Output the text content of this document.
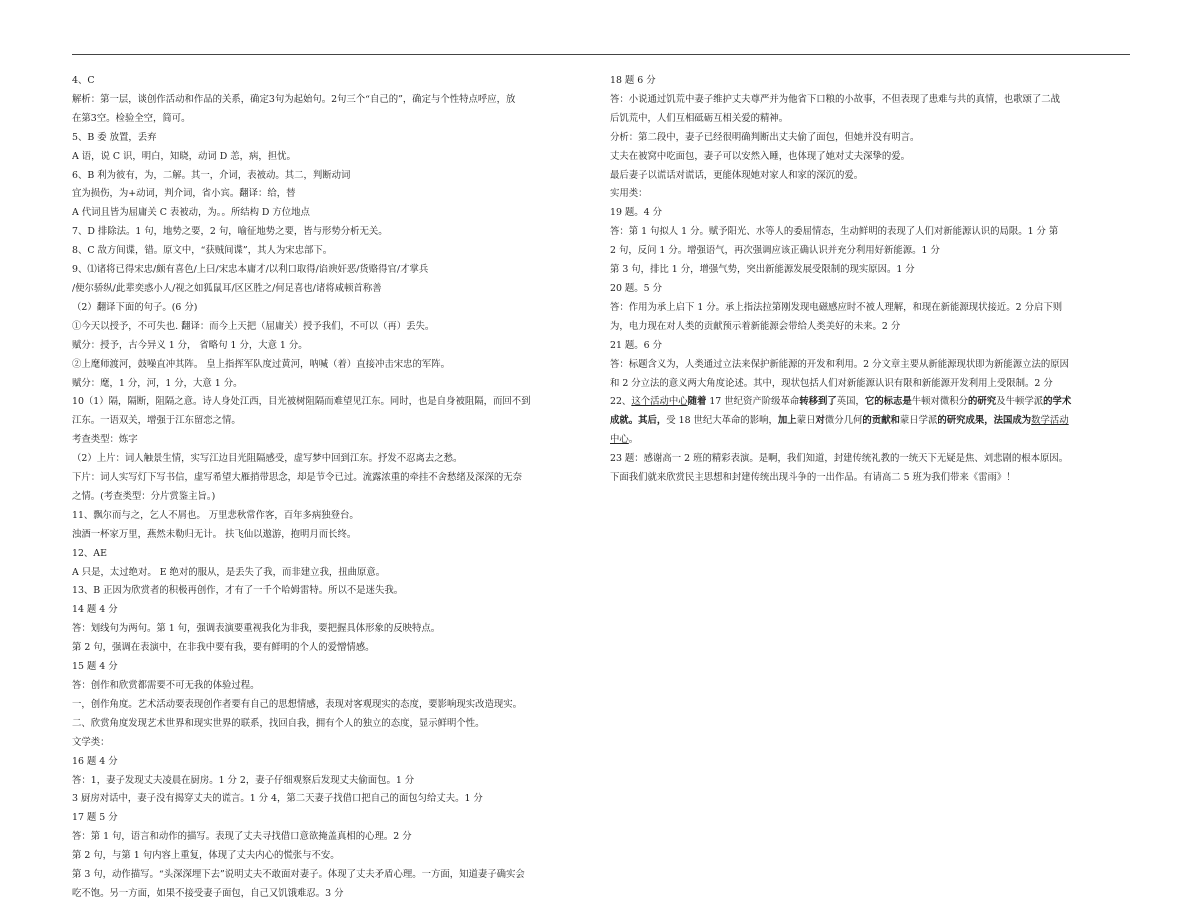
4、C

解析：第一层，谈创作活动和作品的关系，确定3句为起始句。2句三个“自己的”，确定与个性特点呼应，放

在第3空。检验全空，简可。

5、B 委 放置，丢弃

A 语，说 C 识，明白，知晓，动词 D 恙，病，担忧。

6、B 利为彼有，为，二解。其一，介词，表被动。其二，判断动词

宜为损伤，为+动词，判介词，省小宾。翻译：给，替

A 代词且皆为屈庸关 C 表被动，为。。所结构 D 方位地点

7、D 排除法。1 句，地势之要，2 句，喻征地势之要，皆与形势分析无关。

8、C 敌方间谍，错。原文中，“获贼间谍”，其人为宋忠部下。

9、⑴诸将已得宋忠/颇有喜色/上曰/宋忠本庸才/以利口取得/谄谀奸恶/货赂得官/才掌兵

/便尔骄纵/此辈奕惑小人/视之如狐鼠耳/区区胜之/何足喜也/诸将咸顿首称善

（2）翻译下面的句子。(6 分)

①今天以授予，不可失也. 翻译：而今上天把（屈庸关）授予我们，不可以（再）丢失。

赋分：授予，古今异义 1 分， 省略句 1 分，大意 1 分。

②上麾师渡河，鼓噪直冲其阵。 皇上指挥军队度过黄河，呐喊（着）直接冲击宋忠的军阵。

赋分：麾，1 分，河，1 分，大意 1 分。

10（1）隔，隔断，阻隔之意。诗人身处江西，目光被树阻隔而难望见江东。同时，也是自身被阻隔，而回不到

江东。一语双关，增强于江东留恋之情。

考查类型：炼字

（2）上片：词人触景生情，实写江边目光阻隔感受，虚写梦中回到江东。抒发不忍离去之愁。

下片：词人实写灯下写书信，虚写希望大雁捎带思念，却是节令已过。流露浓重的牵挂不舍愁绪及深深的无奈

之情。(考查类型：分片赏鉴主旨。)

11、飘尔而与之，乞人不屑也。 万里悲秋常作客，百年多病独登台。

浊酒一杯家万里，燕然未勒归无计。 扶飞仙以遨游，抱明月而长终。

12、AE

A 只是，太过绝对。 E 绝对的服从，是丢失了我，而非建立我，扭曲原意。

13、B 正因为欣赏者的积极再创作，才有了一千个哈姆雷特。所以不是迷失我。

14 题 4 分

答：划线句为两句。第 1 句，强调表演要重视我化为非我，要把握具体形象的反映特点。

第 2 句，强调在表演中，在非我中要有我，要有鲜明的个人的爱憎情感。

15 题 4 分

答：创作和欣赏都需要不可无我的体验过程。

一，创作角度。艺术活动要表现创作者要有自己的思想情感，表现对客观现实的态度，要影响现实改造现实。

二、欣赏角度发现艺术世界和现实世界的联系，找回自我，拥有个人的独立的态度，显示鲜明个性。

文学类：

16 题 4 分

答：1，妻子发现丈夫凌晨在厨房。1 分 2，妻子仔细观察后发现丈夫偷面包。1 分

3 厨房对话中，妻子没有揭穿丈夫的谎言。1 分 4，第二天妻子找借口把自己的面包匀给丈夫。1 分

17 题 5 分

答：第 1 句，语言和动作的描写。表现了丈夫寻找借口意欲掩盖真相的心理。2 分

第 2 句，与第 1 句内容上重复，体现了丈夫内心的慌张与不安。

第 3 句，动作描写。“头深深埋下去”说明丈夫不敢面对妻子。体现了丈夫矛盾心理。一方面，知道妻子确实会

吃不饱。另一方面，如果不接受妻子面包，自己又饥饿难忍。3 分

18 题 6 分

答：小说通过饥荒中妻子维护丈夫尊严并为他省下口粮的小故事，不但表现了患难与共的真情，也歌颂了二战

后饥荒中，人们互相砥砺互相关爱的精神。

分析：第二段中，妻子已经很明确判断出丈夫偷了面包，但她并没有明言。

丈夫在被窝中吃面包，妻子可以安然入睡，也体现了她对丈夫深挚的爱。

最后妻子以谎话对谎话，更能体现她对家人和家的深沉的爱。

实用类：

19 题。4 分

答：第 1 句拟人 1 分。赋予阳光、水等人的委屈情态，生动鲜明的表现了人们对新能源认识的局限。1 分 第

2 句，反问 1 分。增强语气，再次强调应该正确认识并充分利用好新能源。1 分

第 3 句，排比 1 分，增强气势，突出新能源发展受限制的现实原因。1 分

20 题。5 分

答：作用为承上启下 1 分。承上指法拉第刚发现电磁感应时不被人理解，和现在新能源现状接近。2 分启下则

为，电力现在对人类的贡献预示着新能源会带给人类美好的未来。2 分

21 题。6 分

答：标题含义为，人类通过立法来保护新能源的开发和利用。2 分文章主要从新能源现状即为新能源立法的原因

和 2 分立法的意义两大角度论述。其中，现状包括人们对新能源认识有限和新能源开发利用上受限制。2 分

22、这个活动中心随着 17 世纪资产阶级革命转移到了英国，它的标志是牛顿对微积分的研究及牛顿学派的学术

成就。其后，受 18 世纪大革命的影响，加上蒙日对微分几何的贡献和蒙日学派的研究成果，法国成为数学活动

中心。

23 题：感谢高一 2 班的精彩表演。是啊，我们知道，封建传统礼教的一统天下无疑是焦、刘悲剧的根本原因。

下面我们就来欣赏民主思想和封建传统出现斗争的一出作品。有请高二 5 班为我们带来《雷雨》！
